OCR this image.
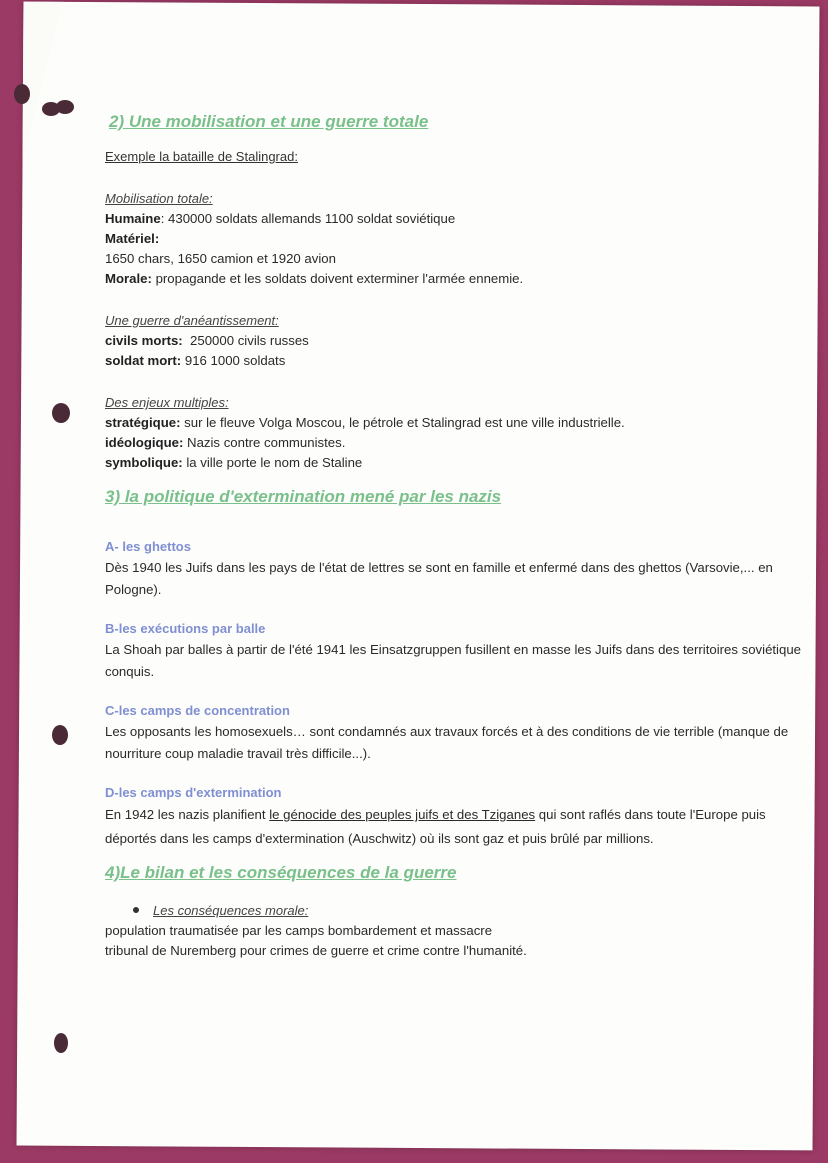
2) Une mobilisation et une guerre totale

Exemple la bataille de Stalingrad:

Mobilisation totale:

Humaine: 430000 soldats allemands 1100 soldat soviétique

Matériel:

1650 chars, 1650 camion et 1920 avion

Morale: propagande et les soldats doivent exterminer l'armée ennemie.

Une guerre d'anéantissement:

civils morts:  250000 civils russes

soldat mort: 916 1000 soldats

Des enjeux multiples:

stratégique: sur le fleuve Volga Moscou, le pétrole et Stalingrad est une ville industrielle.

idéologique: Nazis contre communistes.

symbolique: la ville porte le nom de Staline

3) la politique d'extermination mené par les nazis

A- les ghettos

Dès 1940 les Juifs dans les pays de l'état de lettres se sont en famille et enfermé dans des ghettos (Varsovie,... en Pologne).

B-les exécutions par balle

La Shoah par balles à partir de l'été 1941 les Einsatzgruppen fusillent en masse les Juifs dans des territoires soviétique conquis.

C-les camps de concentration

Les opposants les homosexuels… sont condamnés aux travaux forcés et à des conditions de vie terrible (manque de nourriture coup maladie travail très difficile...).

D-les camps d'extermination

En 1942 les nazis planifient le génocide des peuples juifs et des Tziganes qui sont raflés dans toute l'Europe puis déportés dans les camps d'extermination (Auschwitz) où ils sont gaz et puis brûlé par millions.

4)Le bilan et les conséquences de la guerre

Les conséquences morale:

population traumatisée par les camps bombardement et massacre

tribunal de Nuremberg pour crimes de guerre et crime contre l'humanité.
